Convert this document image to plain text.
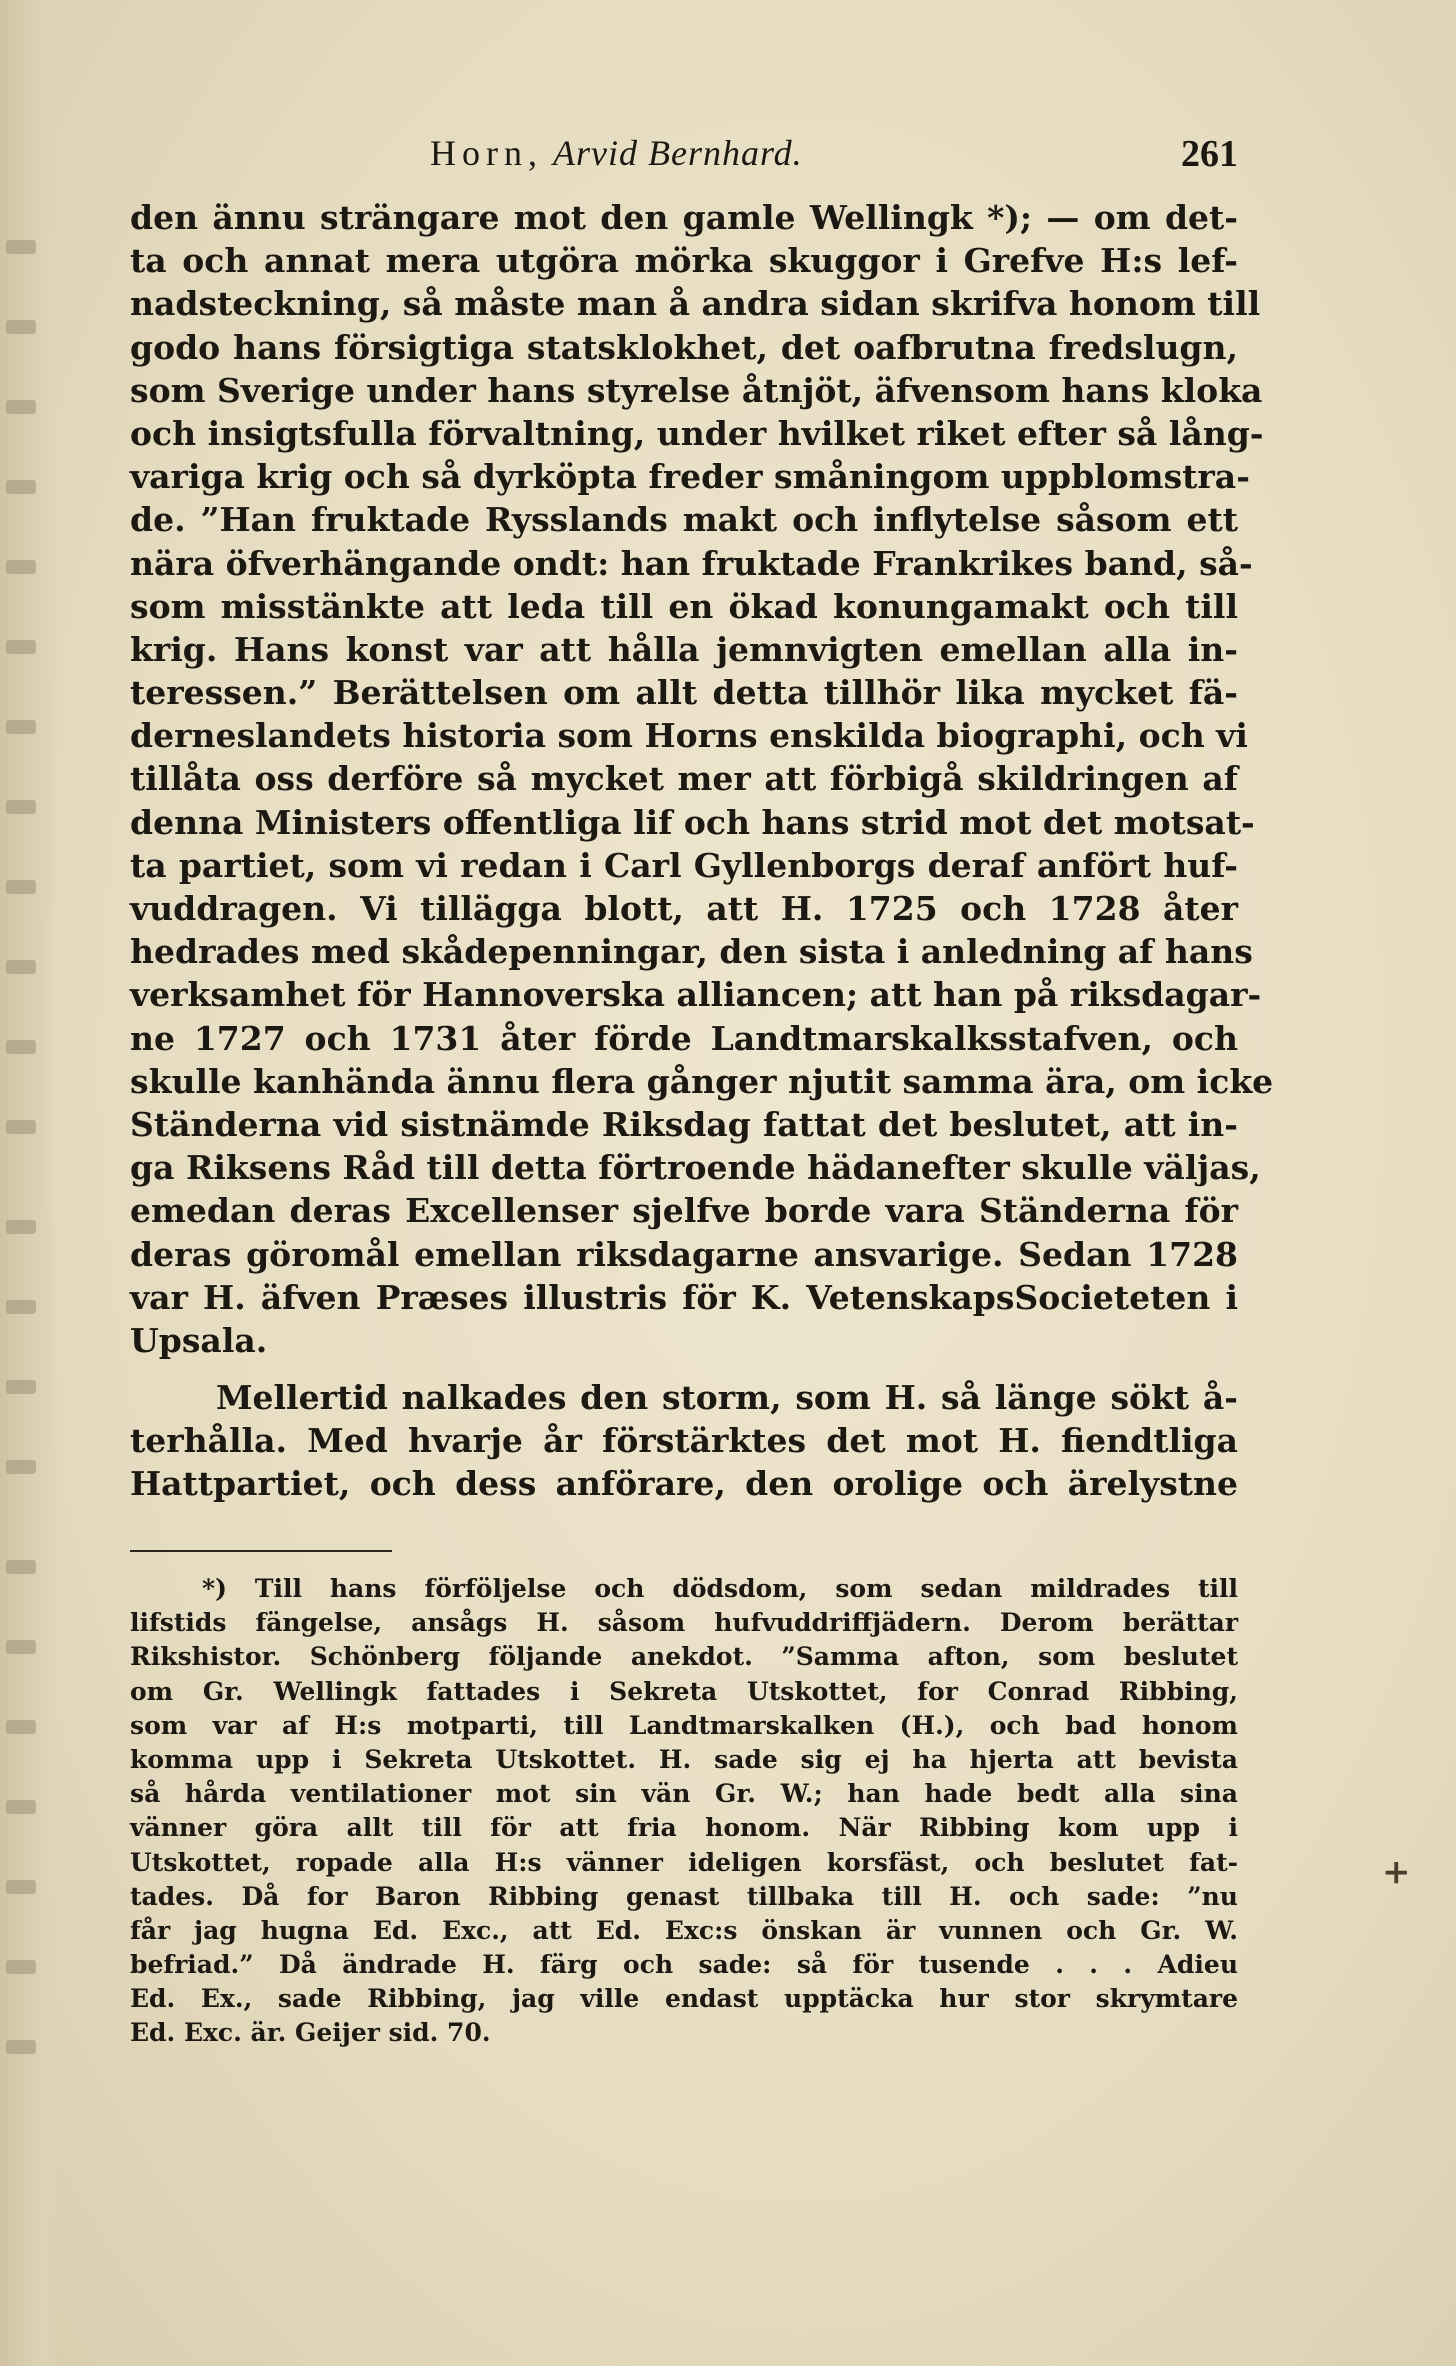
Horn, Arvid Bernhard.	261
den ännu strängare mot den gamle Wellingk *); — om det-
ta och annat mera utgöra mörka skuggor i Grefve H:s lef-
nadsteckning, så måste man å andra sidan skrifva honom till
godo hans försigtiga statsklokhet, det oafbrutna fredslugn,
som Sverige under hans styrelse åtnjöt, äfvensom hans kloka
och insigtsfulla förvaltning, under hvilket riket efter så lång-
variga krig och så dyrköpta freder småningom uppblomstra-
de. ”Han fruktade Rysslands makt och inflytelse såsom ett
nära öfverhängande ondt: han fruktade Frankrikes band, så-
som misstänkte att leda till en ökad konungamakt och till
krig. Hans konst var att hålla jemnvigten emellan alla in-
teressen.” Berättelsen om allt detta tillhör lika mycket fä-
derneslandets historia som Horns enskilda biographi, och vi
tillåta oss derföre så mycket mer att förbigå skildringen af
denna Ministers offentliga lif och hans strid mot det motsat-
ta partiet, som vi redan i Carl Gyllenborgs deraf anfört huf-
vuddragen. Vi tillägga blott, att H. 1725 och 1728 åter
hedrades med skådepenningar, den sista i anledning af hans
verksamhet för Hannoverska alliancen; att han på riksdagar-
ne 1727 och 1731 åter förde Landtmarskalksstafven, och
skulle kanhända ännu flera gånger njutit samma ära, om icke
Ständerna vid sistnämde Riksdag fattat det beslutet, att in-
ga Riksens Råd till detta förtroende hädanefter skulle väljas,
emedan deras Excellenser sjelfve borde vara Ständerna för
deras göromål emellan riksdagarne ansvarige. Sedan 1728
var H. äfven Præses illustris för K. VetenskapsSocieteten i
Upsala.
Mellertid nalkades den storm, som H. så länge sökt å-
terhålla. Med hvarje år förstärktes det mot H. fiendtliga
Hattpartiet, och dess anförare, den orolige och ärelystne
*) Till hans förföljelse och dödsdom, som sedan mildrades till
lifstids fängelse, ansågs H. såsom hufvuddriffjädern. Derom berättar
Rikshistor. Schönberg följande anekdot. ”Samma afton, som beslutet
om Gr. Wellingk fattades i Sekreta Utskottet, for Conrad Ribbing,
som var af H:s motparti, till Landtmarskalken (H.), och bad honom
komma upp i Sekreta Utskottet. H. sade sig ej ha hjerta att bevista
så hårda ventilationer mot sin vän Gr. W.; han hade bedt alla sina
vänner göra allt till för att fria honom. När Ribbing kom upp i
Utskottet, ropade alla H:s vänner ideligen korsfäst, och beslutet fat-
tades. Då for Baron Ribbing genast tillbaka till H. och sade: ”nu
får jag hugna Ed. Exc., att Ed. Exc:s önskan är vunnen och Gr. W.
befriad.” Då ändrade H. färg och sade: så för tusende . . . Adieu
Ed. Ex., sade Ribbing, jag ville endast upptäcka hur stor skrymtare
Ed. Exc. är. Geijer sid. 70.
+
